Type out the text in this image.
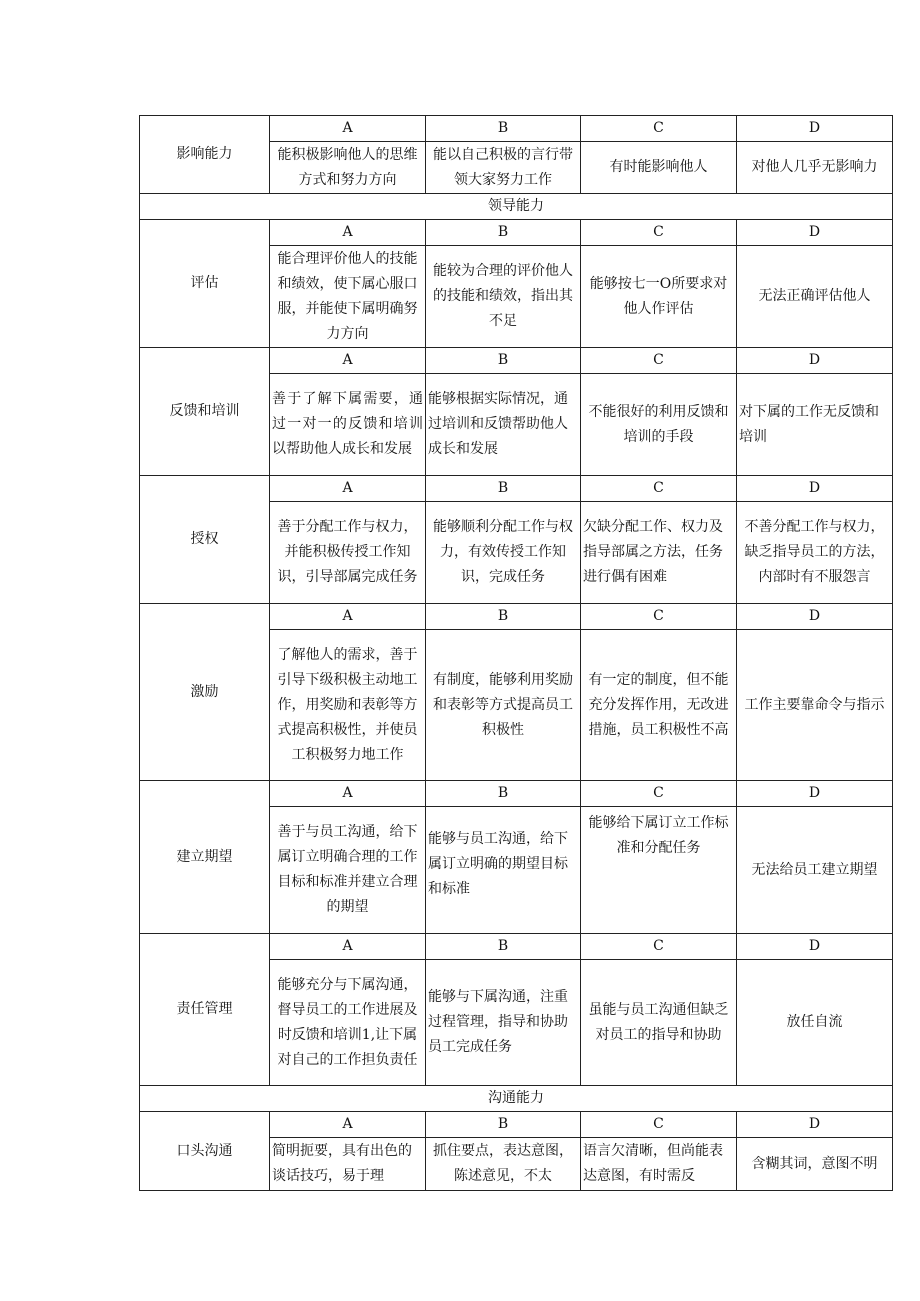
影响能力	A	B	C	D
	能积极影响他人的思维方式和努力方向	能以自己积极的言行带领大家努力工作	有时能影响他人	对他人几乎无影响力
领导能力				
评估	A	B	C	D
	能合理评价他人的技能和绩效，使下属心服口服，并能使下属明确努力方向	能较为合理的评价他人的技能和绩效，指出其不足	能够按七一O所要求对他人作评估	无法正确评估他人
反馈和培训	A	B	C	D
	善于了解下属需要，通过一对一的反馈和培训以帮助他人成长和发展	能够根据实际情况，通过培训和反馈帮助他人成长和发展	不能很好的利用反馈和培训的手段	对下属的工作无反馈和培训
授权	A	B	C	D
	善于分配工作与权力，并能积极传授工作知识，引导部属完成任务	能够顺利分配工作与权力，有效传授工作知识，完成任务	欠缺分配工作、权力及指导部属之方法，任务进行偶有困难	不善分配工作与权力，缺乏指导员工的方法，内部时有不服怨言
激励	A	B	C	D
	了解他人的需求，善于引导下级积极主动地工作，用奖励和表彰等方式提高积极性，并使员工积极努力地工作	有制度，能够利用奖励和表彰等方式提高员工积极性	有一定的制度，但不能充分发挥作用，无改进措施，员工积极性不高	工作主要靠命令与指示
建立期望	A	B	C	D
	善于与员工沟通，给下属订立明确合理的工作目标和标准并建立合理的期望	能够与员工沟通，给下属订立明确的期望目标和标准	能够给下属订立工作标准和分配任务	无法给员工建立期望
责任管理	A	B	C	D
	能够充分与下属沟通，督导员工的工作进展及时反馈和培训1,让下属对自己的工作担负责任	能够与下属沟通，注重过程管理，指导和协助员工完成任务	虽能与员工沟通但缺乏对员工的指导和协助	放任自流
沟通能力				
口头沟通	A	B	C	D
	简明扼要，具有出色的谈话技巧，易于理	抓住要点，表达意图，陈述意见，不太	语言欠清晰，但尚能表达意图，有时需反	含糊其词，意图不明
